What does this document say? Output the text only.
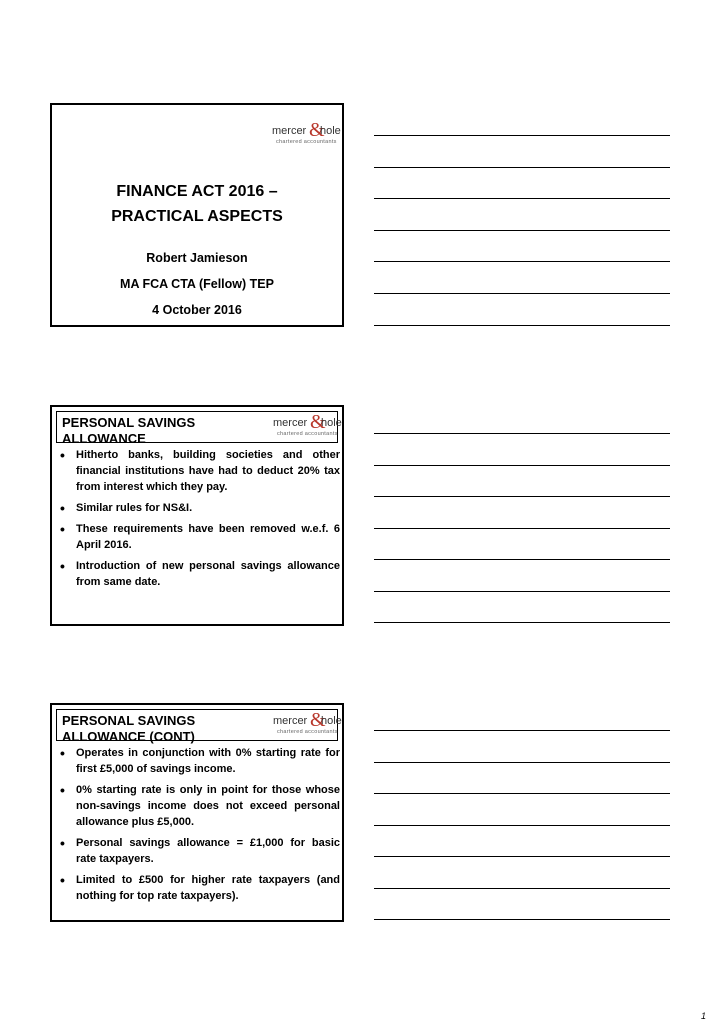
mercer &
hole
chartered accountants
FINANCE ACT 2016 –
PRACTICAL ASPECTS
Robert Jamieson
MA FCA CTA (Fellow) TEP
4 October 2016
PERSONAL SAVINGS
ALLOWANCE
mercer &
hole
chartered accountants
• Hitherto banks, building societies and other financial institutions have had to deduct 20% tax from interest which they pay.
• Similar rules for NS&I.
• These requirements have been removed w.e.f. 6 April 2016.
• Introduction of new personal savings allowance from same date.
PERSONAL SAVINGS
ALLOWANCE (CONT)
mercer &
hole
chartered accountants
• Operates in conjunction with 0% starting rate for first £5,000 of savings income.
• 0% starting rate is only in point for those whose non-savings income does not exceed personal allowance plus £5,000.
• Personal savings allowance = £1,000 for basic rate taxpayers.
• Limited to £500 for higher rate taxpayers (and nothing for top rate taxpayers).
1
